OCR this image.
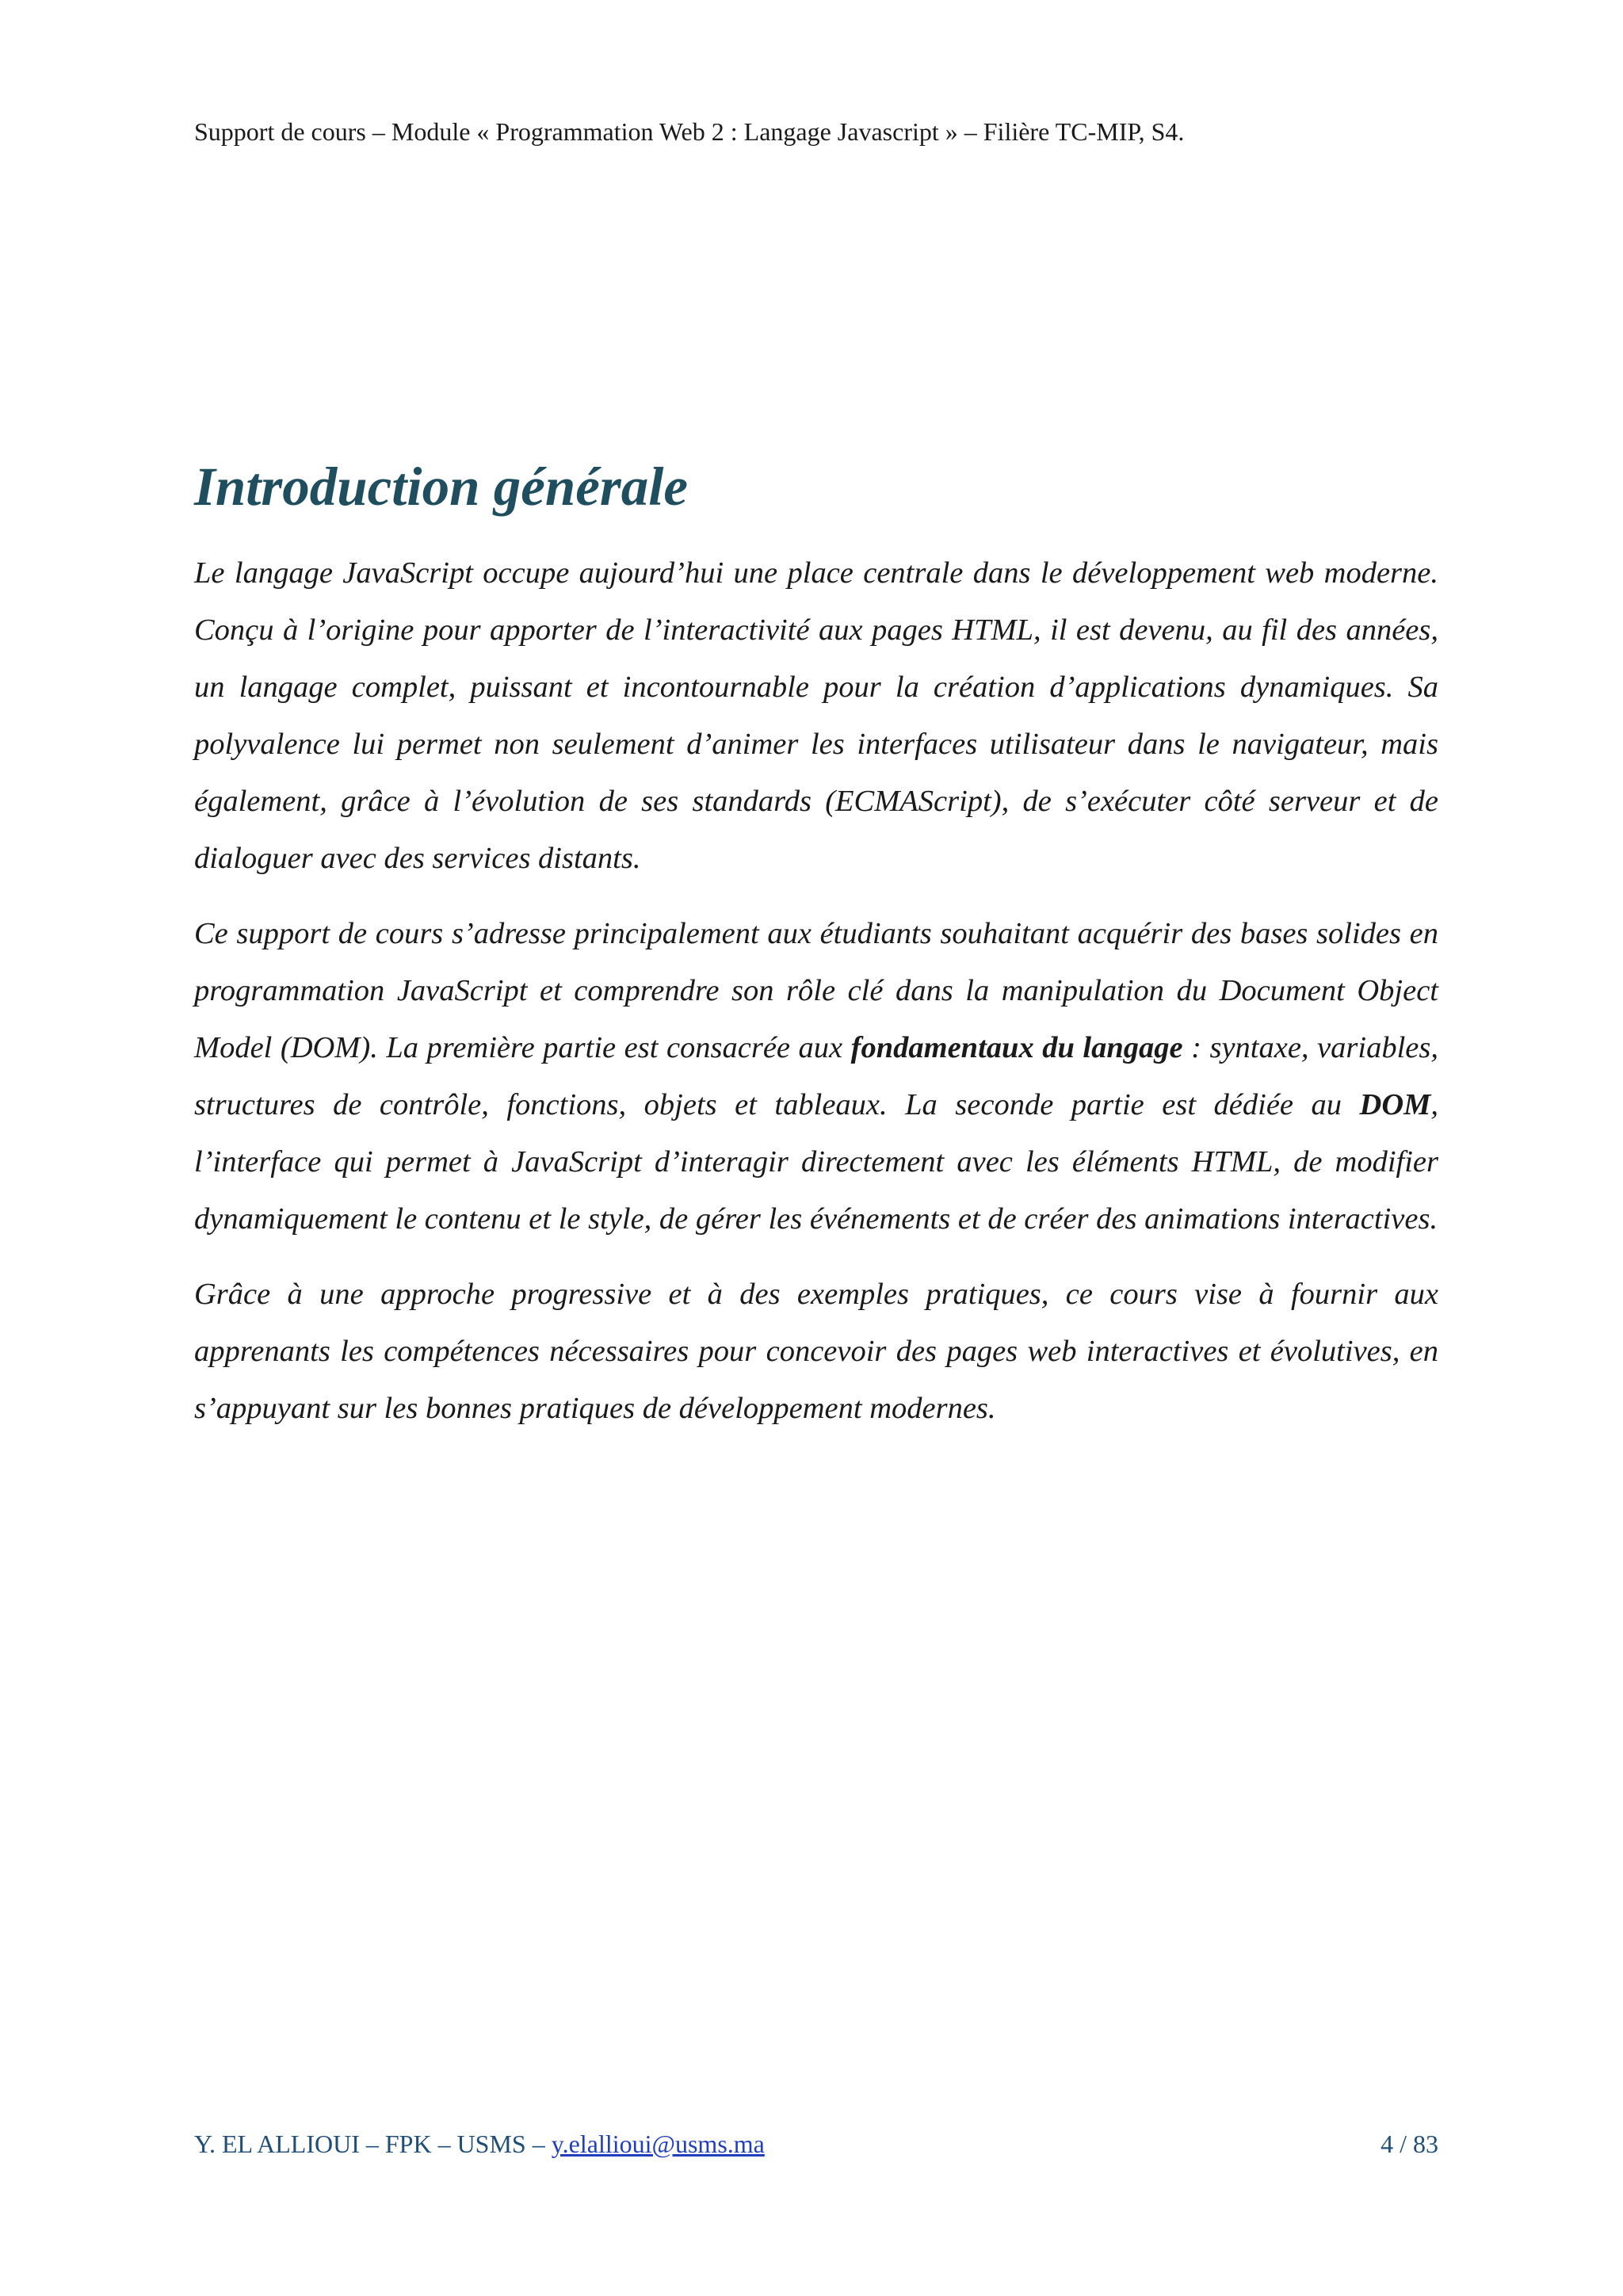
Support de cours – Module « Programmation Web 2 : Langage Javascript » – Filière TC-MIP, S4.
Introduction générale

Le langage JavaScript occupe aujourd’hui une place centrale dans le développement web moderne. Conçu à l’origine pour apporter de l’interactivité aux pages HTML, il est devenu, au fil des années, un langage complet, puissant et incontournable pour la création d’applications dynamiques. Sa polyvalence lui permet non seulement d’animer les interfaces utilisateur dans le navigateur, mais également, grâce à l’évolution de ses standards (ECMAScript), de s’exécuter côté serveur et de dialoguer avec des services distants.

Ce support de cours s’adresse principalement aux étudiants souhaitant acquérir des bases solides en programmation JavaScript et comprendre son rôle clé dans la manipulation du Document Object Model (DOM). La première partie est consacrée aux fondamentaux du langage : syntaxe, variables, structures de contrôle, fonctions, objets et tableaux. La seconde partie est dédiée au DOM, l’interface qui permet à JavaScript d’interagir directement avec les éléments HTML, de modifier dynamiquement le contenu et le style, de gérer les événements et de créer des animations interactives.

Grâce à une approche progressive et à des exemples pratiques, ce cours vise à fournir aux apprenants les compétences nécessaires pour concevoir des pages web interactives et évolutives, en s’appuyant sur les bonnes pratiques de développement modernes.

Y. EL ALLIOUI – FPK – USMS – y.elallioui@usms.ma	4 / 83
